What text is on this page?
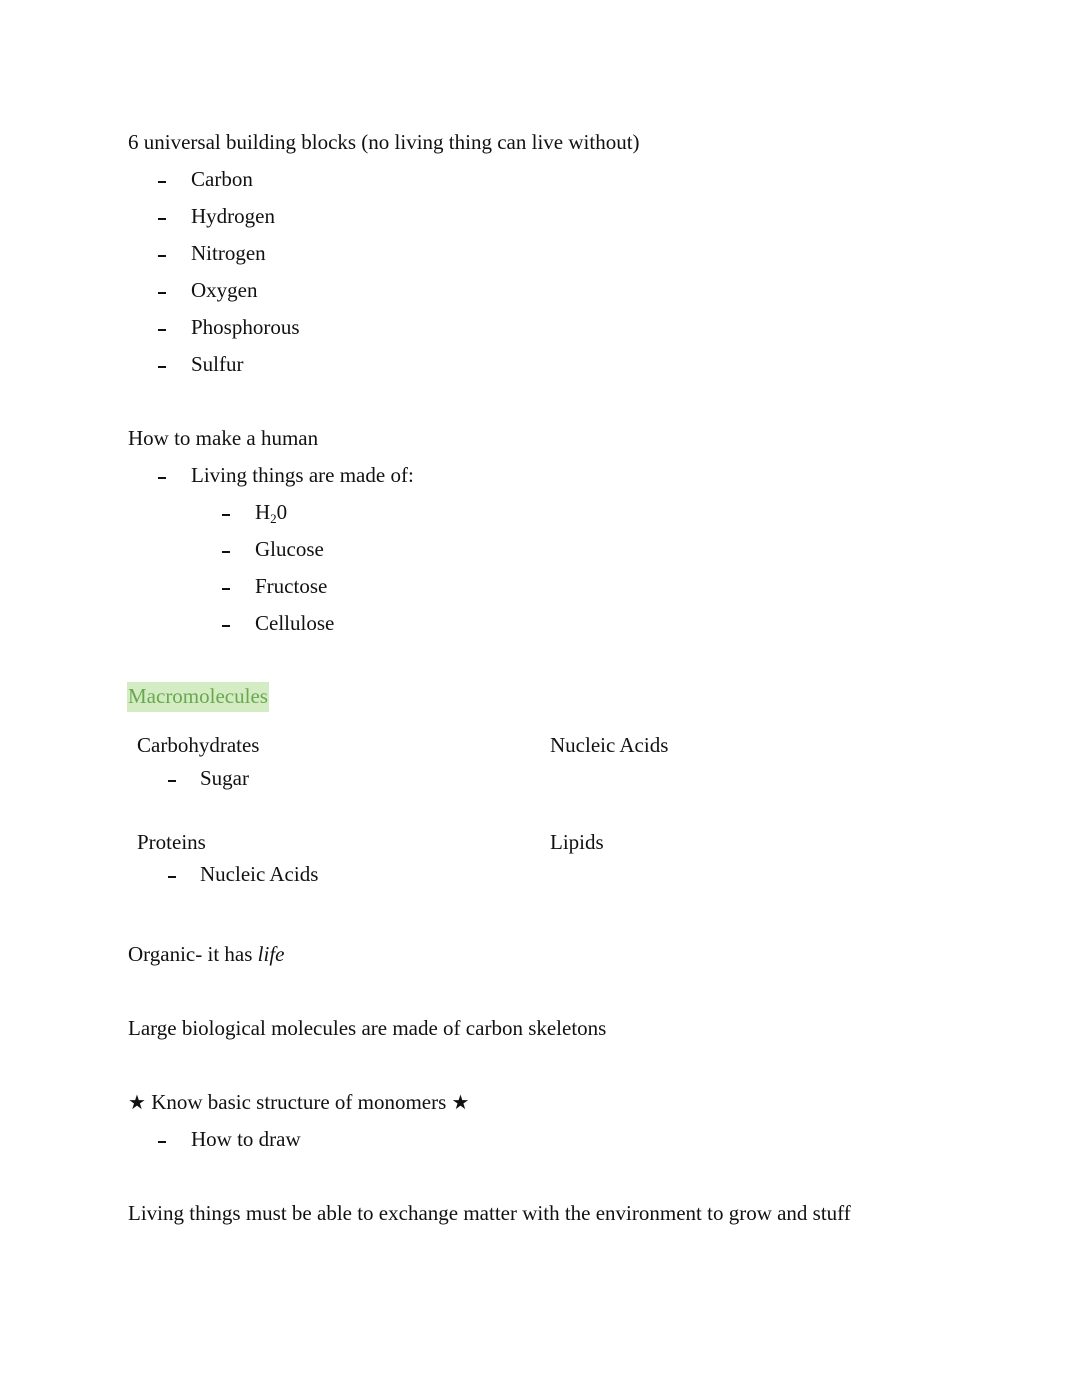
6 universal building blocks (no living thing can live without)
Carbon
Hydrogen
Nitrogen
Oxygen
Phosphorous
Sulfur
How to make a human
Living things are made of:
$H_20$
Glucose
Fructose
Cellulose
Macromolecules
Carbohydrates
Sugar
Nucleic Acids
Proteins
Nucleic Acids
Lipids
Organic- it has life
Large biological molecules are made of carbon skeletons
★ Know basic structure of monomers ★
How to draw
Living things must be able to exchange matter with the environment to grow and stuff
